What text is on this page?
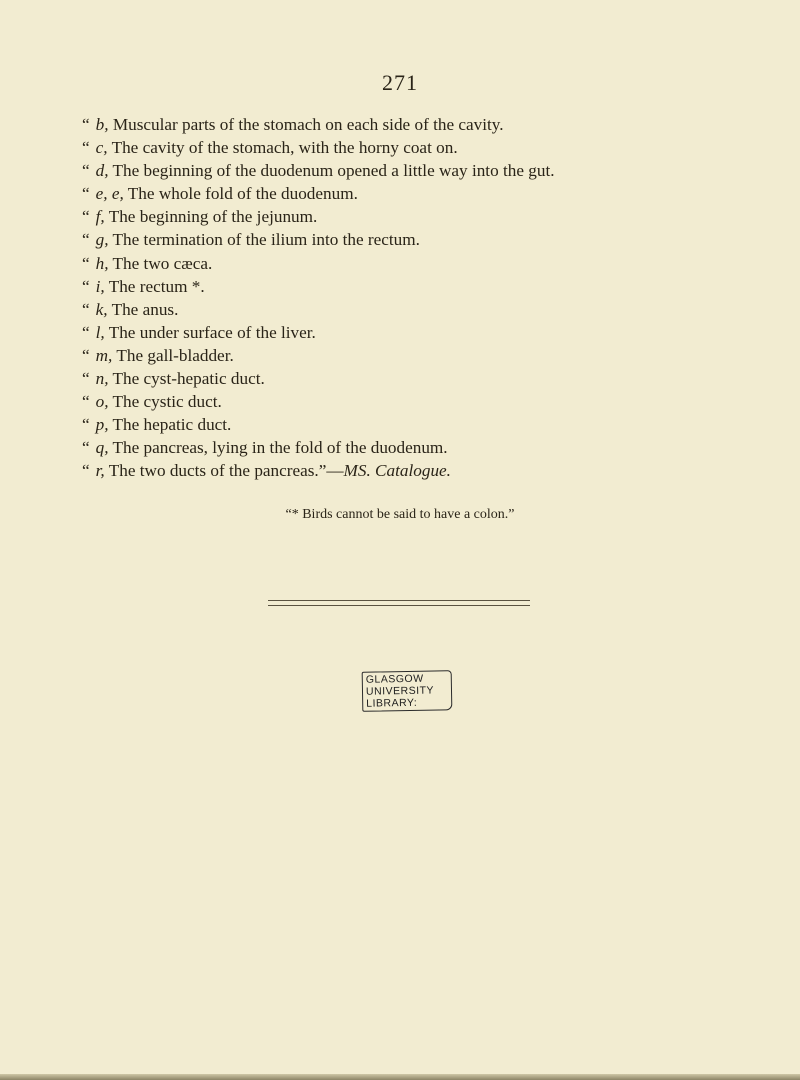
271
“ b, Muscular parts of the stomach on each side of the cavity.
“ c, The cavity of the stomach, with the horny coat on.
“ d, The beginning of the duodenum opened a little way into the gut.
“ e, e, The whole fold of the duodenum.
“ f, The beginning of the jejunum.
“ g, The termination of the ilium into the rectum.
“ h, The two cæca.
“ i, The rectum *.
“ k, The anus.
“ l, The under surface of the liver.
“ m, The gall-bladder.
“ n, The cyst-hepatic duct.
“ o, The cystic duct.
“ p, The hepatic duct.
“ q, The pancreas, lying in the fold of the duodenum.
“ r, The two ducts of the pancreas.”—MS. Catalogue.
“* Birds cannot be said to have a colon.”
GLASGOW
UNIVERSITY
LIBRARY:
